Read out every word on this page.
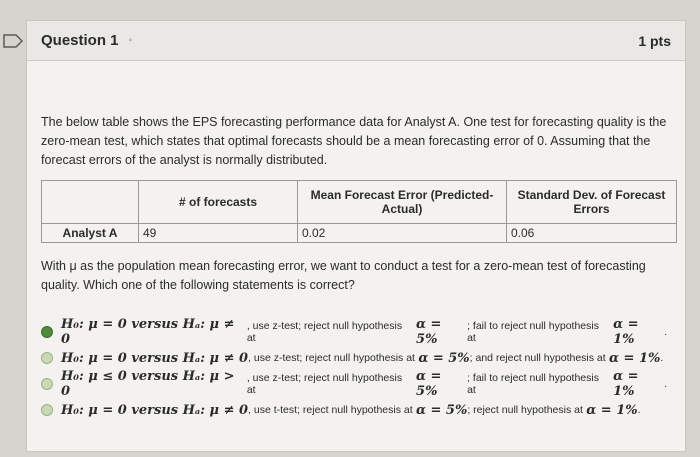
Question 1 ◦	1 pts

The below table shows the EPS forecasting performance data for Analyst A. One test for forecasting quality is the zero-mean test, which states that optimal forecasts should be a mean forecasting error of 0. Assuming that the forecast errors of the analyst is normally distributed.

	# of forecasts	Mean Forecast Error (Predicted-Actual)	Standard Dev. of Forecast Errors
Analyst A	49	0.02	0.06

With μ as the population mean forecasting error, we want to conduct a test for a zero-mean test of forecasting quality. Which one of the following statements is correct?

H₀: μ = 0 versus Hₐ: μ ≠ 0
, use z-test; reject null hypothesis at

α = 5%
; fail to reject null hypothesis at

α = 1%	.
H₀: μ = 0 versus Hₐ: μ ≠ 0 , use z-test; reject null hypothesis at
α = 5% ; and reject null hypothesis at
α = 1% .
H₀: μ ≤ 0 versus Hₐ: μ > 0
, use z-test; reject null hypothesis at

α = 5%
; fail to reject null hypothesis at

α = 1%	.
H₀: μ = 0 versus Hₐ: μ ≠ 0 , use t-test; reject null hypothesis at
α = 5% ; reject null hypothesis at
α = 1% .
